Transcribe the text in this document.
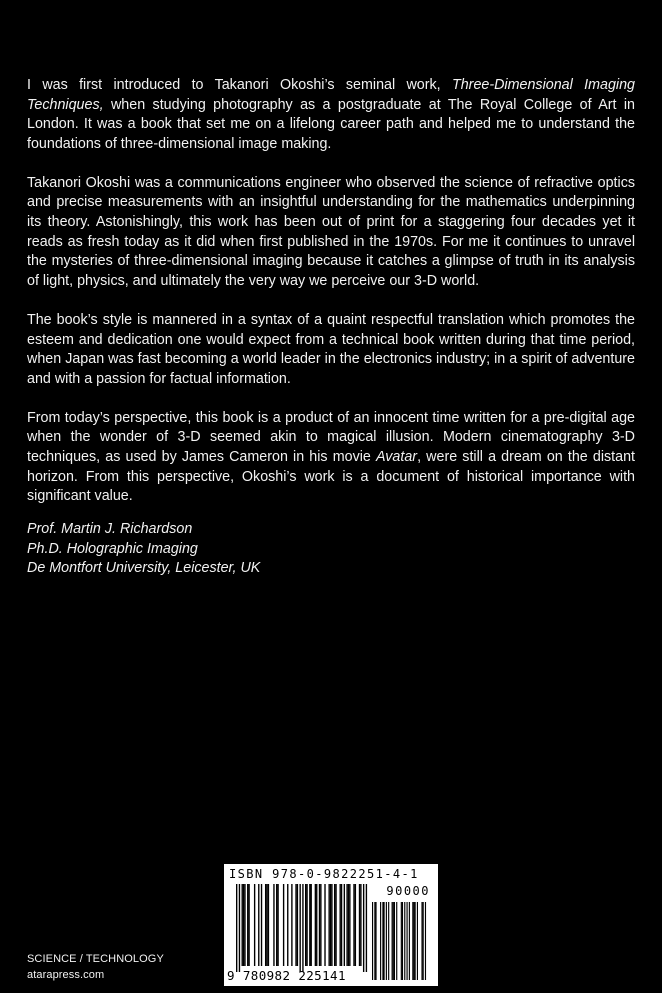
I was first introduced to Takanori Okoshi’s seminal work, Three-Dimensional Imaging Techniques, when studying photography as a postgraduate at The Royal College of Art in London. It was a book that set me on a lifelong career path and helped me to understand the foundations of three-dimensional image making.

Takanori Okoshi was a communications engineer who observed the science of refractive optics and precise measurements with an insightful understanding for the mathematics underpinning its theory. Astonishingly, this work has been out of print for a staggering four decades yet it reads as fresh today as it did when first published in the 1970s. For me it continues to unravel the mysteries of three-dimensional imaging because it catches a glimpse of truth in its analysis of light, physics, and ultimately the very way we perceive our 3-D world.

The book’s style is mannered in a syntax of a quaint respectful translation which promotes the esteem and dedication one would expect from a technical book written during that time period, when Japan was fast becoming a world leader in the electronics industry; in a spirit of adventure and with a passion for factual information.

From today’s perspective, this book is a product of an innocent time written for a pre-digital age when the wonder of 3-D seemed akin to magical illusion. Modern cinematography 3-D techniques, as used by James Cameron in his movie Avatar, were still a dream on the distant horizon. From this perspective, Okoshi’s work is a document of historical importance with significant value.

Prof. Martin J. Richardson
Ph.D. Holographic Imaging
De Montfort University, Leicester, UK
ISBN 978-0-9822251-4-1
90000
9 780982 225141
SCIENCE / TECHNOLOGY
atarapress.com
